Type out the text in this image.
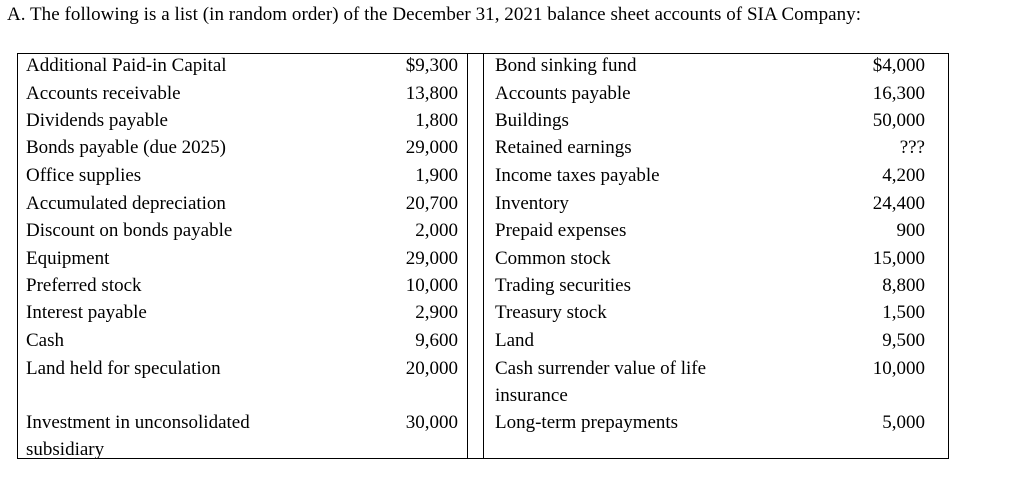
A. The following is a list (in random order) of the December 31, 2021 balance sheet accounts of SIA Company:
Additional Paid-in Capital	$9,300 Bond sinking fund	$4,000
Accounts receivable	13,800 Accounts payable	16,300
Dividends payable	1,800 Buildings	50,000
Bonds payable (due 2025)	29,000 Retained earnings	???
Office supplies	1,900 Income taxes payable	4,200
Accumulated depreciation	20,700 Inventory	24,400
Discount on bonds payable	2,000 Prepaid expenses	900
Equipment	29,000 Common stock	15,000
Preferred stock	10,000 Trading securities	8,800
Interest payable	2,900 Treasury stock	1,500
Cash	9,600 Land	9,500
Land held for speculation	20,000 Cash surrender value of life	10,000
insurance
Investment in unconsolidated	30,000 Long-term prepayments	5,000
subsidiary
